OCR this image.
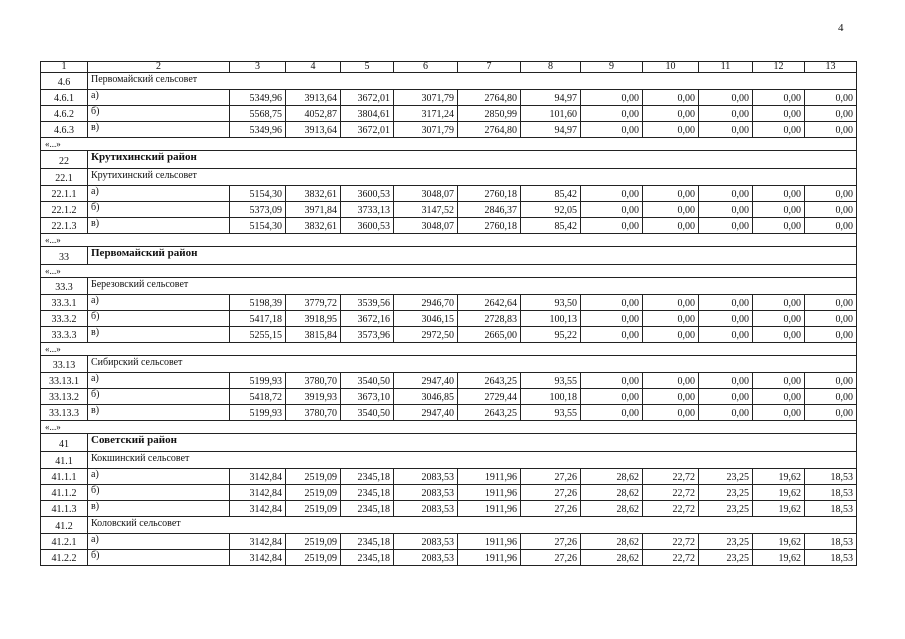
4
1	2	3	4	5	6	7	8	9	10	11	12	13
4.6	Первомайский сельсовет											
4.6.1	а)	5349,96	3913,64	3672,01	3071,79	2764,80	94,97	0,00	0,00	0,00	0,00	0,00
4.6.2	б)	5568,75	4052,87	3804,61	3171,24	2850,99	101,60	0,00	0,00	0,00	0,00	0,00
4.6.3	в)	5349,96	3913,64	3672,01	3071,79	2764,80	94,97	0,00	0,00	0,00	0,00	0,00
«...»												
22	Крутихинский район											
22.1	Крутихинский сельсовет											
22.1.1	а)	5154,30	3832,61	3600,53	3048,07	2760,18	85,42	0,00	0,00	0,00	0,00	0,00
22.1.2	б)	5373,09	3971,84	3733,13	3147,52	2846,37	92,05	0,00	0,00	0,00	0,00	0,00
22.1.3	в)	5154,30	3832,61	3600,53	3048,07	2760,18	85,42	0,00	0,00	0,00	0,00	0,00
«...»												
33	Первомайский район											
«...»												
33.3	Березовский сельсовет											
33.3.1	а)	5198,39	3779,72	3539,56	2946,70	2642,64	93,50	0,00	0,00	0,00	0,00	0,00
33.3.2	б)	5417,18	3918,95	3672,16	3046,15	2728,83	100,13	0,00	0,00	0,00	0,00	0,00
33.3.3	в)	5255,15	3815,84	3573,96	2972,50	2665,00	95,22	0,00	0,00	0,00	0,00	0,00
«...»												
33.13	Сибирский сельсовет											
33.13.1	а)	5199,93	3780,70	3540,50	2947,40	2643,25	93,55	0,00	0,00	0,00	0,00	0,00
33.13.2	б)	5418,72	3919,93	3673,10	3046,85	2729,44	100,18	0,00	0,00	0,00	0,00	0,00
33.13.3	в)	5199,93	3780,70	3540,50	2947,40	2643,25	93,55	0,00	0,00	0,00	0,00	0,00
«...»												
41	Советский район											
41.1	Кокшинский сельсовет											
41.1.1	а)	3142,84	2519,09	2345,18	2083,53	1911,96	27,26	28,62	22,72	23,25	19,62	18,53
41.1.2	б)	3142,84	2519,09	2345,18	2083,53	1911,96	27,26	28,62	22,72	23,25	19,62	18,53
41.1.3	в)	3142,84	2519,09	2345,18	2083,53	1911,96	27,26	28,62	22,72	23,25	19,62	18,53
41.2	Коловский сельсовет											
41.2.1	а)	3142,84	2519,09	2345,18	2083,53	1911,96	27,26	28,62	22,72	23,25	19,62	18,53
41.2.2	б)	3142,84	2519,09	2345,18	2083,53	1911,96	27,26	28,62	22,72	23,25	19,62	18,53
